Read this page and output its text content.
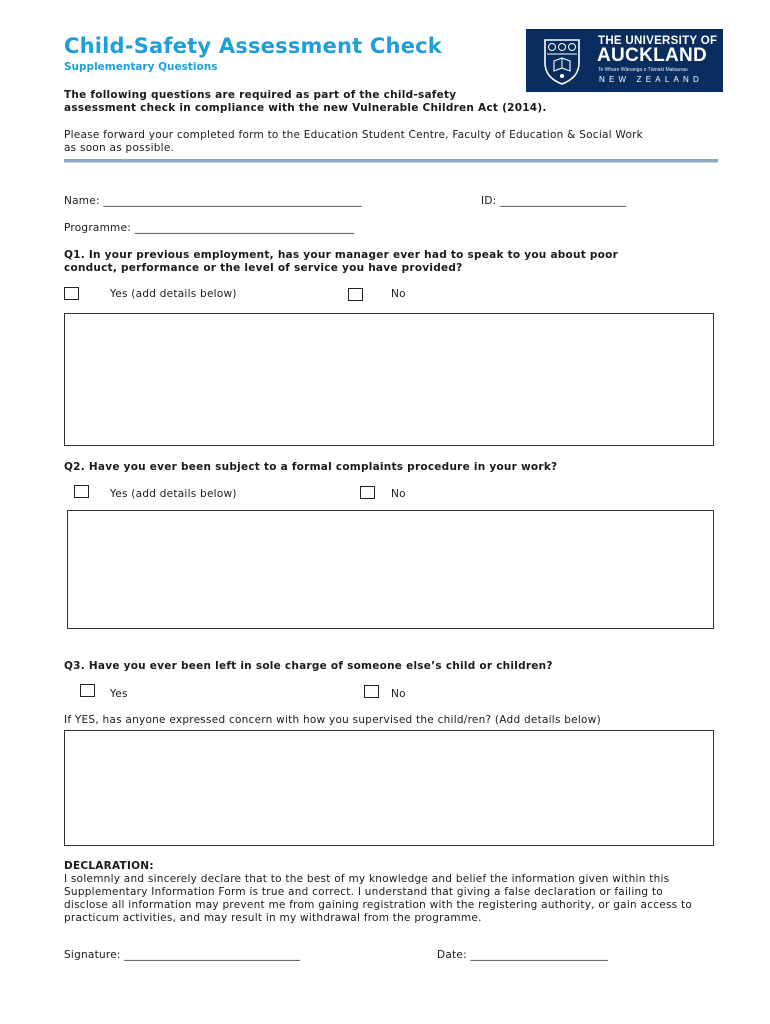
Child-Safety Assessment Check
Supplementary Questions
THE UNIVERSITY OF
AUCKLAND
Te Whare Wānanga o Tāmaki Makaurau
NEW ZEALAND
The following questions are required as part of the child-safety
assessment check in compliance with the new Vulnerable Children Act (2014).
Please forward your completed form to the Education Student Centre, Faculty of Education & Social Work
as soon as possible.
Name: _______________________________________________	ID: _______________________
Programme: ________________________________________
Q1. In your previous employment, has your manager ever had to speak to you about poor
conduct, performance or the level of service you have provided?
Yes (add details below)	No
Q2. Have you ever been subject to a formal complaints procedure in your work?
Yes (add details below)	No
Q3. Have you ever been left in sole charge of someone else’s child or children?
Yes	No
If YES, has anyone expressed concern with how you supervised the child/ren? (Add details below)
DECLARATION:
I solemnly and sincerely declare that to the best of my knowledge and belief the information given within this
Supplementary Information Form is true and correct. I understand that giving a false declaration or failing to
disclose all information may prevent me from gaining registration with the registering authority, or gain access to
practicum activities, and may result in my withdrawal from the programme.
Signature: ________________________________	Date: _________________________
